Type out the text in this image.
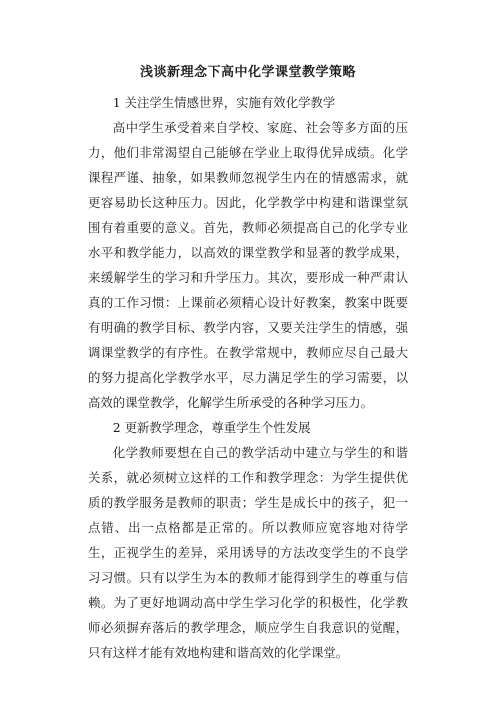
浅谈新理念下高中化学课堂教学策略

1 关注学生情感世界，实施有效化学教学

高中学生承受着来自学校、家庭、社会等多方面的压力，他们非常渴望自己能够在学业上取得优异成绩。化学课程严谨、抽象，如果教师忽视学生内在的情感需求，就更容易助长这种压力。因此，化学教学中构建和谐课堂氛围有着重要的意义。首先，教师必须提高自己的化学专业水平和教学能力，以高效的课堂教学和显著的教学成果，来缓解学生的学习和升学压力。其次，要形成一种严肃认真的工作习惯：上课前必须精心设计好教案，教案中既要有明确的教学目标、教学内容，又要关注学生的情感，强调课堂教学的有序性。在教学常规中，教师应尽自己最大的努力提高化学教学水平，尽力满足学生的学习需要，以高效的课堂教学，化解学生所承受的各种学习压力。

2 更新教学理念，尊重学生个性发展

化学教师要想在自己的教学活动中建立与学生的和谐关系，就必须树立这样的工作和教学理念：为学生提供优质的教学服务是教师的职责；学生是成长中的孩子，犯一点错、出一点格都是正常的。所以教师应宽容地对待学生，正视学生的差异，采用诱导的方法改变学生的不良学习习惯。只有以学生为本的教师才能得到学生的尊重与信赖。为了更好地调动高中学生学习化学的积极性，化学教师必须摒弃落后的教学理念，顺应学生自我意识的觉醒，只有这样才能有效地构建和谐高效的化学课堂。
